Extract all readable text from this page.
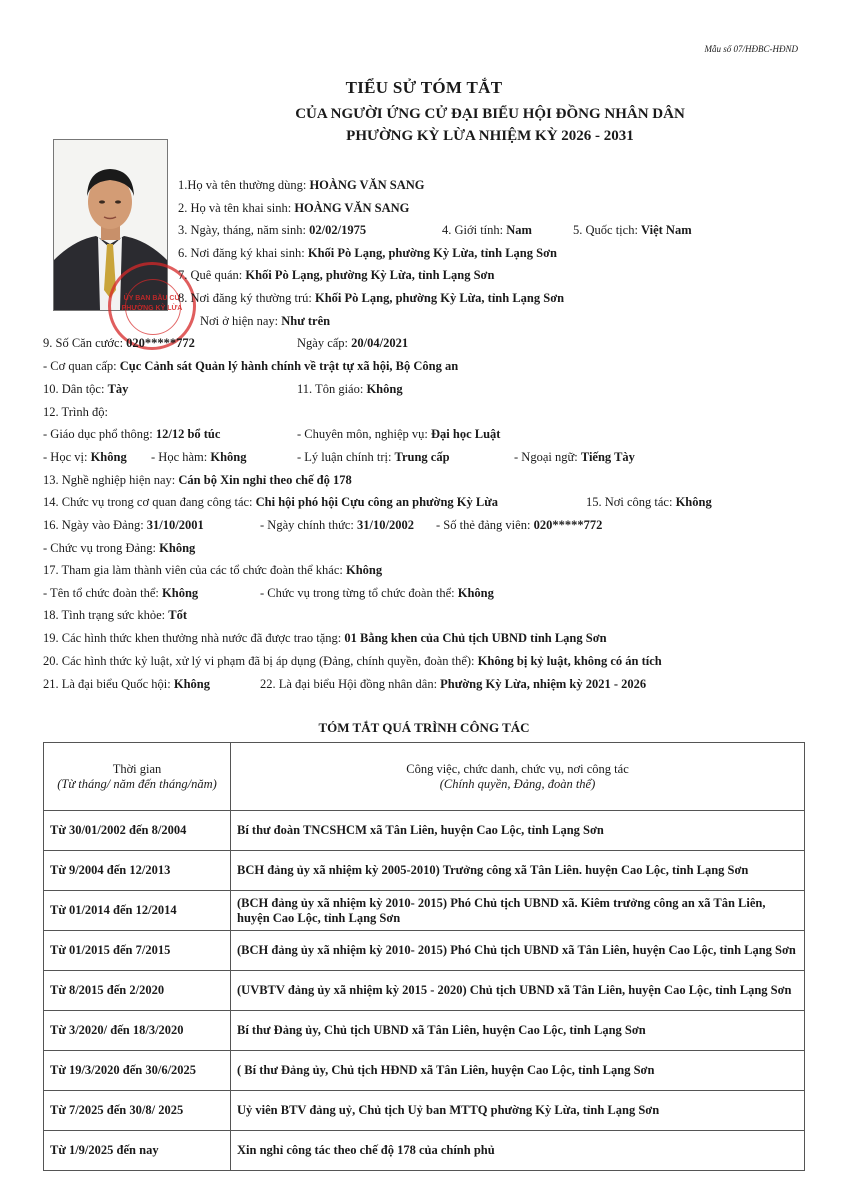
Mẫu số 07/HĐBC-HĐND
TIỂU SỬ TÓM TẮT
CỦA NGƯỜI ỨNG CỬ ĐẠI BIỂU HỘI ĐỒNG NHÂN DÂN
PHƯỜNG KỲ LỪA NHIỆM KỲ 2026 - 2031
ỦY BAN BẦU CỬ
PHƯỜNG KỲ LỪA
1.Họ và tên thường dùng: HOÀNG VĂN SANG
2. Họ và tên khai sinh: HOÀNG VĂN SANG
3. Ngày, tháng, năm sinh: 02/02/1975	4. Giới tính: Nam	5. Quốc tịch: Việt Nam
6. Nơi đăng ký khai sinh: Khối Pò Lạng, phường Kỳ Lừa, tỉnh Lạng Sơn
7. Quê quán: Khối Pò Lạng, phường Kỳ Lừa, tỉnh Lạng Sơn
8. Nơi đăng ký thường trú: Khối Pò Lạng, phường Kỳ Lừa, tỉnh Lạng Sơn
Nơi ở hiện nay: Như trên
9. Số Căn cước: 020*****772	Ngày cấp: 20/04/2021
- Cơ quan cấp: Cục Cảnh sát Quản lý hành chính về trật tự xã hội, Bộ Công an
10. Dân tộc: Tày	11. Tôn giáo: Không
12. Trình độ:
- Giáo dục phổ thông: 12/12 bổ túc	- Chuyên môn, nghiệp vụ: Đại học Luật
- Học vị: Không - Học hàm: Không	- Lý luận chính trị: Trung cấp	- Ngoại ngữ: Tiếng Tày
13. Nghề nghiệp hiện nay: Cán bộ Xin nghỉ theo chế độ 178
14. Chức vụ trong cơ quan đang công tác: Chi hội phó hội Cựu công an phường Kỳ Lừa	15. Nơi công tác: Không
16. Ngày vào Đảng: 31/10/2001	- Ngày chính thức: 31/10/2002 - Số thẻ đảng viên: 020*****772
- Chức vụ trong Đảng: Không
17. Tham gia làm thành viên của các tổ chức đoàn thể khác: Không
- Tên tổ chức đoàn thể: Không	- Chức vụ trong từng tổ chức đoàn thể: Không
18. Tình trạng sức khỏe: Tốt
19. Các hình thức khen thưởng nhà nước đã được trao tặng: 01 Bằng khen của Chủ tịch UBND tỉnh Lạng Sơn
20. Các hình thức kỷ luật, xử lý vi phạm đã bị áp dụng (Đảng, chính quyền, đoàn thể): Không bị kỷ luật, không có án tích
21. Là đại biểu Quốc hội: Không	22. Là đại biểu Hội đồng nhân dân: Phường Kỳ Lừa, nhiệm kỳ 2021 - 2026
TÓM TẮT QUÁ TRÌNH CÔNG TÁC
Thời gian
(Từ tháng/ năm đến tháng/năm)	Công việc, chức danh, chức vụ, nơi công tác
(Chính quyền, Đảng, đoàn thể)

Từ 30/01/2002 đến 8/2004	Bí thư đoàn TNCSHCM xã Tân Liên, huyện Cao Lộc, tỉnh Lạng Sơn
Từ 9/2004 đến 12/2013	BCH đảng ủy xã nhiệm kỳ 2005-2010) Trưởng công xã Tân Liên. huyện Cao Lộc, tỉnh Lạng Sơn
Từ 01/2014 đến 12/2014	(BCH đảng ủy xã nhiệm kỳ 2010- 2015) Phó Chủ tịch UBND xã. Kiêm trưởng công an xã Tân Liên, huyện Cao Lộc, tỉnh Lạng Sơn
Từ 01/2015 đến 7/2015	(BCH đảng ủy xã nhiệm kỳ 2010- 2015) Phó Chủ tịch UBND xã Tân Liên, huyện Cao Lộc, tỉnh Lạng Sơn
Từ 8/2015 đến 2/2020	(UVBTV đảng ủy xã nhiệm kỳ 2015 - 2020) Chủ tịch UBND xã Tân Liên, huyện Cao Lộc, tỉnh Lạng Sơn
Từ 3/2020/ đến 18/3/2020	Bí thư Đảng ủy, Chủ tịch UBND xã Tân Liên, huyện Cao Lộc, tỉnh Lạng Sơn
Từ 19/3/2020 đến 30/6/2025	( Bí thư Đảng ủy, Chủ tịch HĐND xã Tân Liên, huyện Cao Lộc, tỉnh Lạng Sơn
Từ 7/2025 đến 30/8/ 2025	Uỷ viên BTV đảng uỷ, Chủ tịch Uỷ ban MTTQ phường Kỳ Lừa, tỉnh Lạng Sơn
Từ 1/9/2025 đến nay	Xin nghỉ công tác theo chế độ 178 của chính phủ
